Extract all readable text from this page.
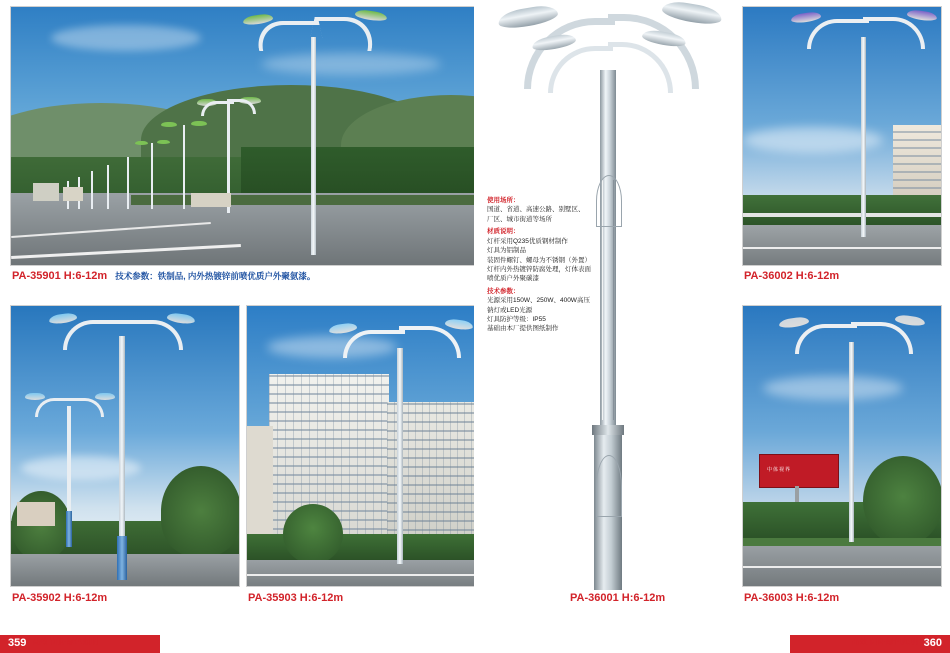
PA-35901 H:6-12m 技术参数：铁制品, 内外热镀锌前喷优质户外聚氨漆。
PA-35902 H:6-12m	PA-35903 H:6-12m	PA-36001 H:6-12m
使用场所：
国道、省道、高速公路、别墅区、
厂区、城市街道等场所
材质说明：
灯杆采用Q235优质钢材制作
灯具为铝制品
装固件螺钉、螺母为不锈钢（外置）
灯杆内外热镀锌防腐处理，灯体表面
喷优质户外聚碳漆
技术参数：
光源采用150W、250W、400W高压
钠灯或LED光源
灯具防护等级：IP55
基础由本厂提供图纸制作
PA-36002 H:6-12m
中体视界
PA-36003 H:6-12m
359 高效节能·绿色照明	360
高效节能·绿色照明
